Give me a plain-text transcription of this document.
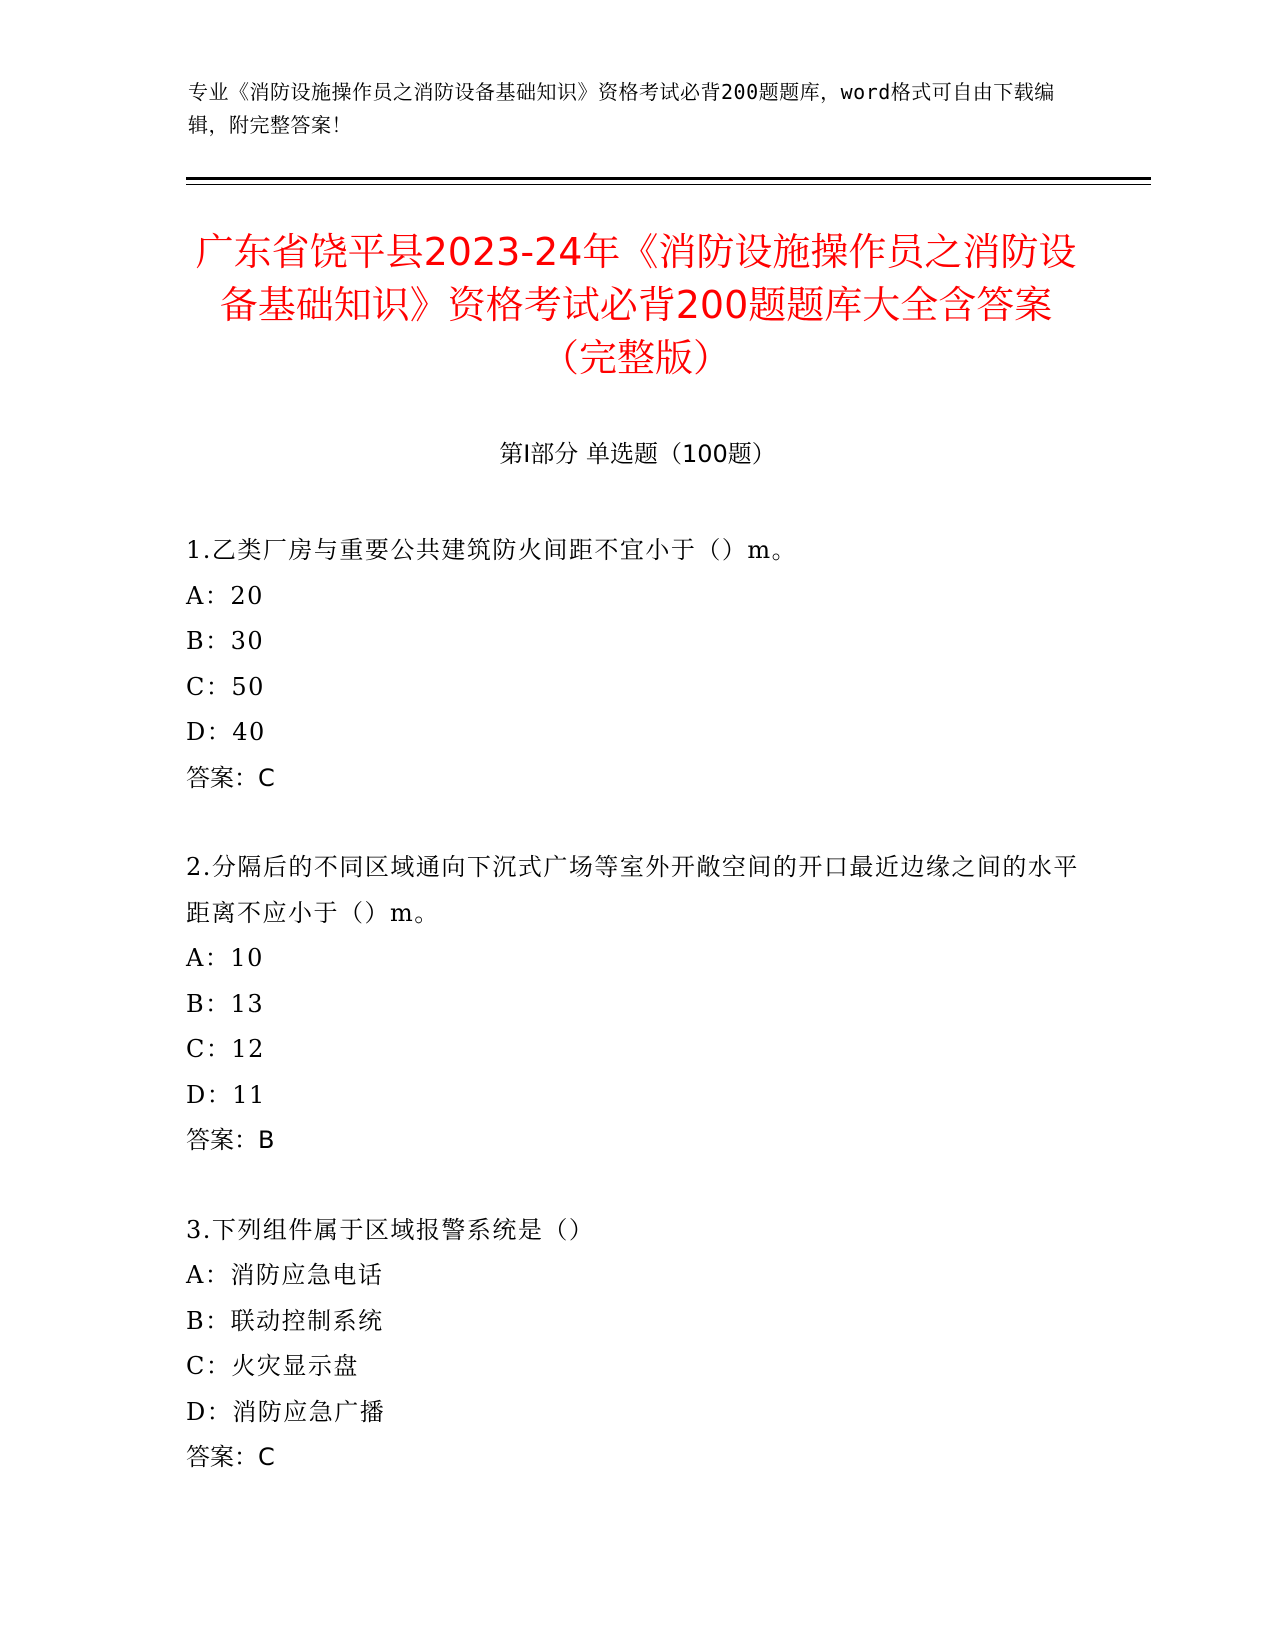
专业《消防设施操作员之消防设备基础知识》资格考试必背200题题库，word格式可自由下载编辑，附完整答案！
广东省饶平县2023-24年《消防设施操作员之消防设备基础知识》资格考试必背200题题库大全含答案（完整版）
第Ⅰ部分 单选题（100题）

1.乙类厂房与重要公共建筑防火间距不宜小于（）m。

A：20

B：30

C：50

D：40

答案：C

2.分隔后的不同区域通向下沉式广场等室外开敞空间的开口最近边缘之间的水平距离不应小于（）m。

A：10

B：13

C：12

D：11

答案：B

3.下列组件属于区域报警系统是（）

A：消防应急电话

B：联动控制系统

C：火灾显示盘

D：消防应急广播

答案：C
